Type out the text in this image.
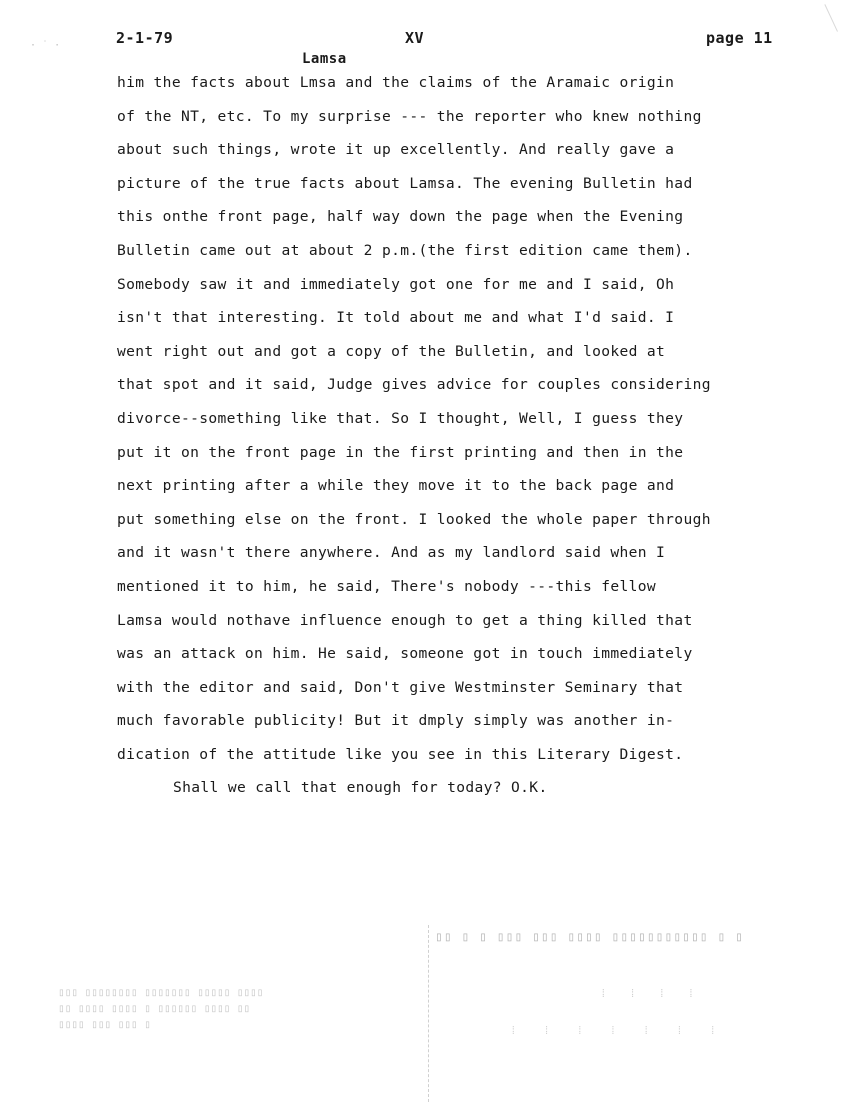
· ˙ ·	2-1-79	XV	page 11
Lamsa
him the facts about Lmsa and the claims of the Aramaic origin
of the NT, etc. To my surprise --- the reporter who knew nothing
about such things, wrote it up excellently. And really gave a
picture of the true facts about Lamsa. The evening Bulletin had
this onthe front page, half way down the page when the Evening
Bulletin came out at about 2 p.m.(the first edition came them).
Somebody saw it and immediately got one for me and I said, Oh
isn't that interesting. It told about me and what I'd said. I
went right out and got a copy of the Bulletin, and looked at
that spot and it said, Judge gives advice for couples considering
divorce--something like that. So I thought, Well, I guess they
put it on the front page in the first printing and then in the
next printing after a while they move it to the back page and
put something else on the front. I looked the whole paper through
and it wasn't there anywhere. And as my landlord said when I
mentioned it to him, he said, There's nobody ---this fellow
Lamsa would nothave influence enough to get a thing killed that
was an attack on him. He said, someone got in touch immediately
with the editor and said, Don't give Westminster Seminary that
much favorable publicity! But it dmply simply was another in-
dication of the attitude like you see in this Literary Digest.
Shall we call that enough for today? O.K.
▯▯ ▯ ▯ ▯▯▯ ▯▯▯ ▯▯▯▯ ▯▯▯▯▯▯▯▯▯▯▯ ▯ ▯
⁞ ⁞ ⁞ ⁞
⁞ ⁞ ⁞ ⁞ ⁞ ⁞ ⁞
▯▯▯▯ ▯▯▯ ▯▯▯ ▯
▯▯ ▯▯▯▯ ▯▯▯▯ ▯ ▯▯▯▯▯▯ ▯▯▯▯ ▯▯
▯▯▯ ▯▯▯▯▯▯▯▯ ▯▯▯▯▯▯▯ ▯▯▯▯▯ ▯▯▯▯
